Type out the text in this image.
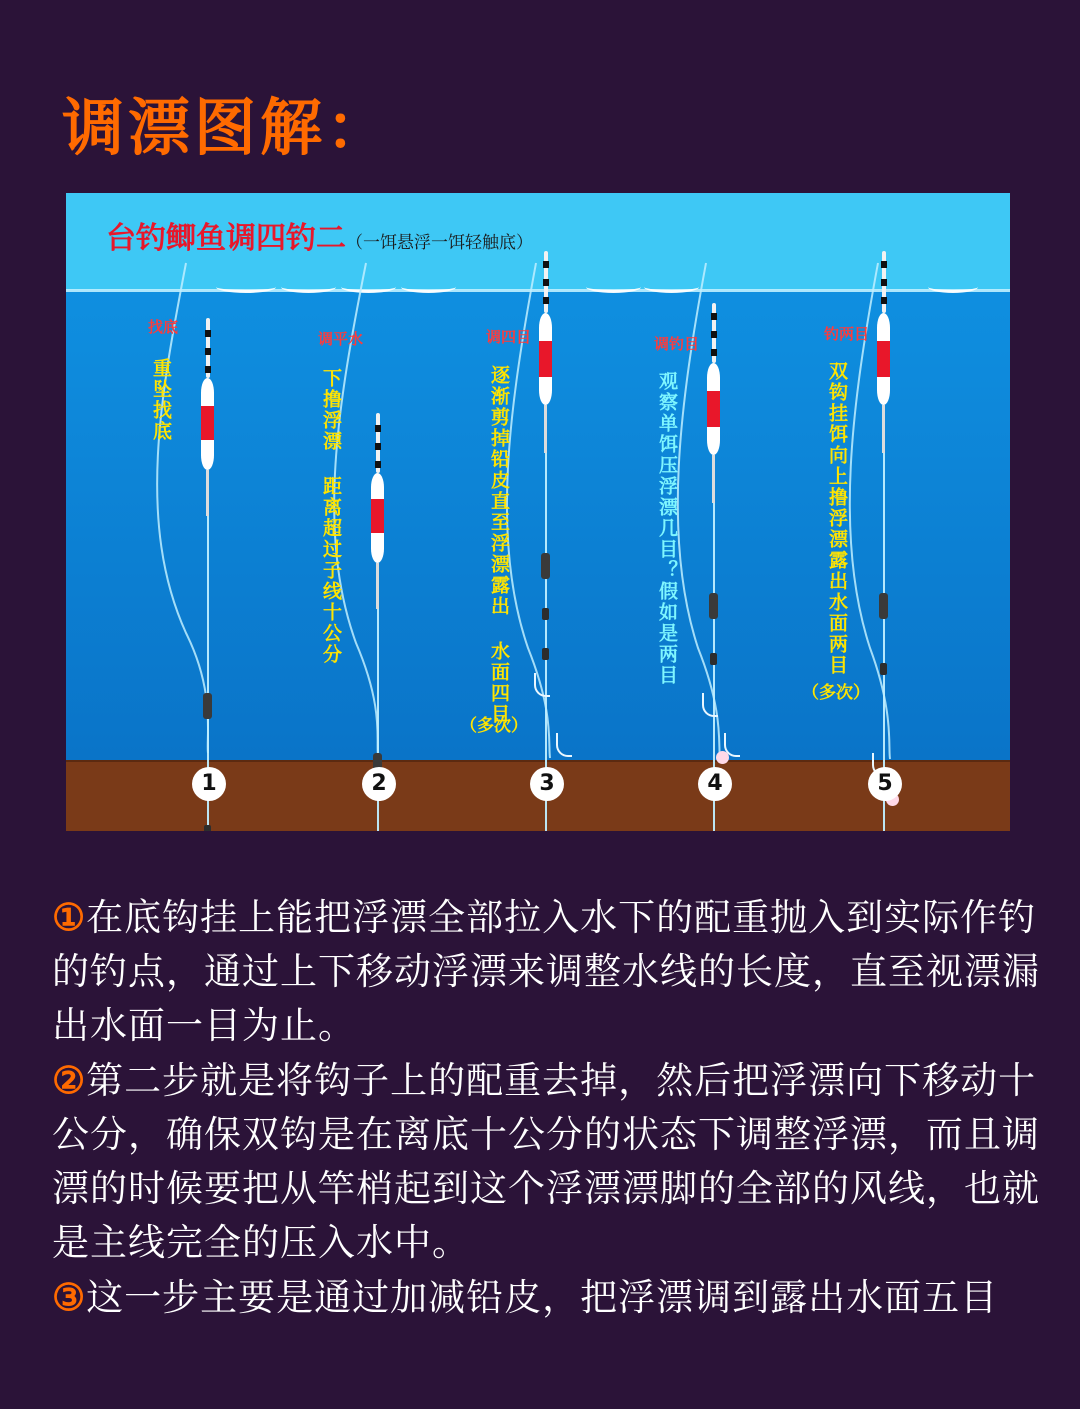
调漂图解：
台钓鲫鱼调四钓二（一饵悬浮一饵轻触底）
找底
重坠找底
1
调平水
下撸浮漂 距离超过子线十公分
2
调四目
逐渐剪掉铅皮直至浮漂露出 水面四目
（多次）
3
调钓目
观察单饵压浮漂几目？假如是两目
4
钓两目
双钩挂饵向上撸浮漂露出水面两目
（多次）
5

①在底钩挂上能把浮漂全部拉入水下的配重抛入到实际作钓的钓点，通过上下移动浮漂来调整水线的长度，直至视漂漏出水面一目为止。

②第二步就是将钩子上的配重去掉，然后把浮漂向下移动十公分，确保双钩是在离底十公分的状态下调整浮漂，而且调漂的时候要把从竿梢起到这个浮漂漂脚的全部的风线，也就是主线完全的压入水中。

③这一步主要是通过加减铅皮，把浮漂调到露出水面五目
